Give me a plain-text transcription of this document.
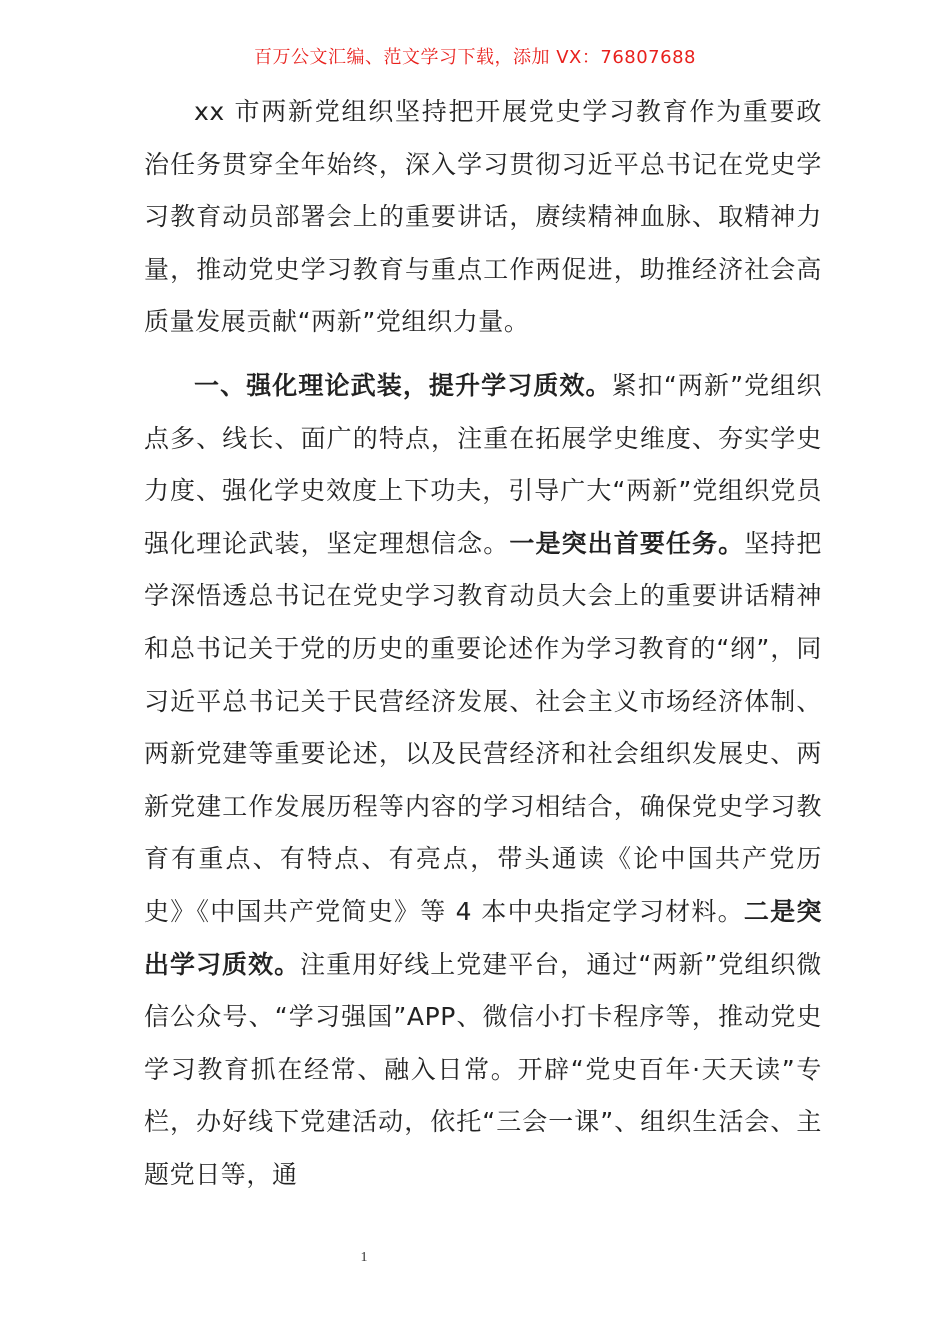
百万公文汇编、范文学习下载，添加 VX：76807688

xx 市两新党组织坚持把开展党史学习教育作为重要政治任务贯穿全年始终，深入学习贯彻习近平总书记在党史学习教育动员部署会上的重要讲话，赓续精神血脉、取精神力量，推动党史学习教育与重点工作两促进，助推经济社会高质量发展贡献“两新”党组织力量。

一、强化理论武装，提升学习质效。紧扣“两新”党组织点多、线长、面广的特点，注重在拓展学史维度、夯实学史力度、强化学史效度上下功夫，引导广大“两新”党组织党员强化理论武装，坚定理想信念。一是突出首要任务。坚持把学深悟透总书记在党史学习教育动员大会上的重要讲话精神和总书记关于党的历史的重要论述作为学习教育的“纲”，同习近平总书记关于民营经济发展、社会主义市场经济体制、两新党建等重要论述，以及民营经济和社会组织发展史、两新党建工作发展历程等内容的学习相结合，确保党史学习教育有重点、有特点、有亮点，带头通读《论中国共产党历史》《中国共产党简史》等 4 本中央指定学习材料。二是突出学习质效。注重用好线上党建平台，通过“两新”党组织微信公众号、“学习强国”APP、微信小打卡程序等，推动党史学习教育抓在经常、融入日常。开辟“党史百年·天天读”专栏，办好线下党建活动，依托“三会一课”、组织生活会、主题党日等，通

1
